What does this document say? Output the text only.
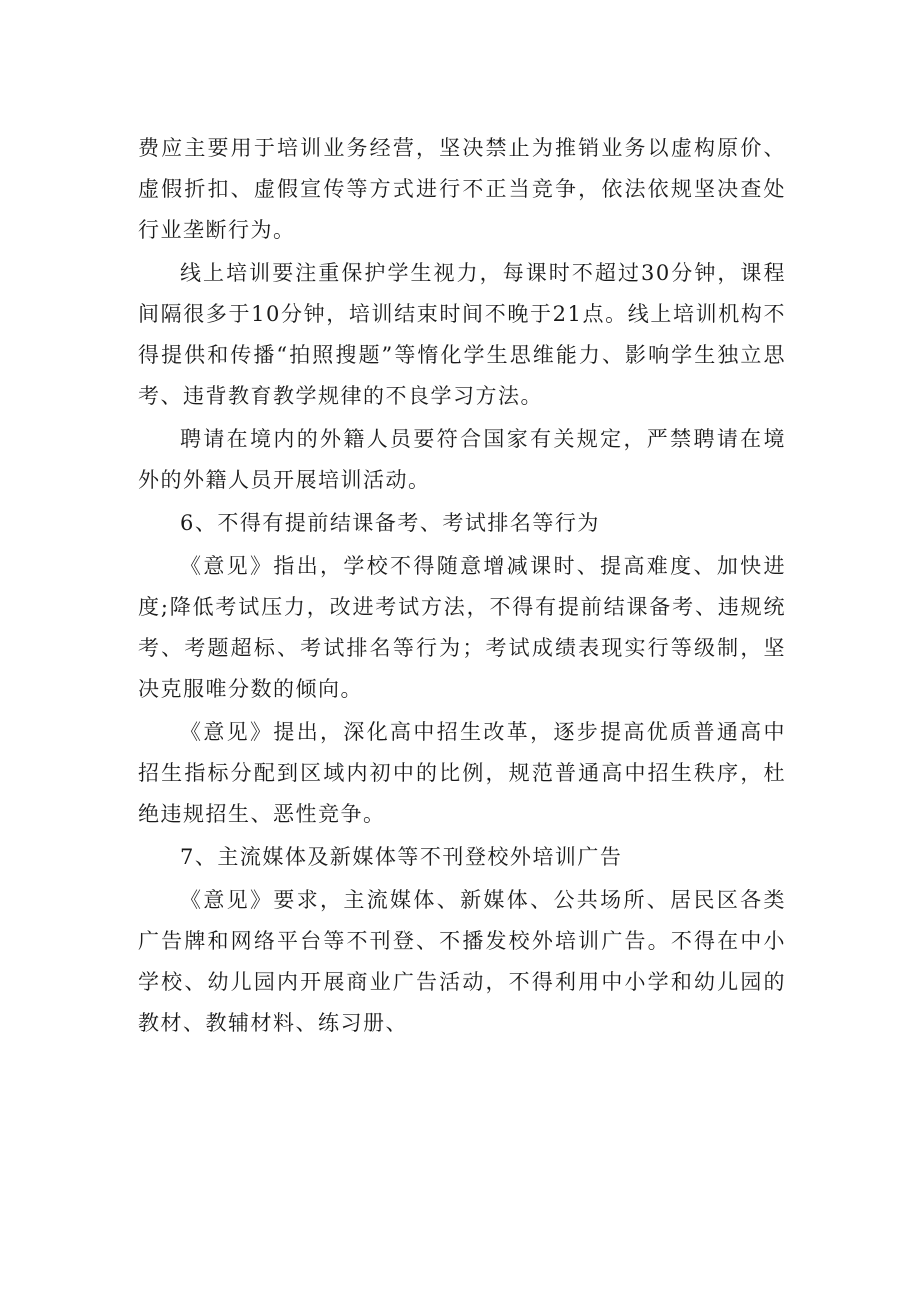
费应主要用于培训业务经营，坚决禁止为推销业务以虚构原价、虚假折扣、虚假宣传等方式进行不正当竞争，依法依规坚决查处行业垄断行为。

线上培训要注重保护学生视力，每课时不超过30分钟，课程间隔很多于10分钟，培训结束时间不晚于21点。线上培训机构不得提供和传播“拍照搜题”等惰化学生思维能力、影响学生独立思考、违背教育教学规律的不良学习方法。

聘请在境内的外籍人员要符合国家有关规定，严禁聘请在境外的外籍人员开展培训活动。

6、不得有提前结课备考、考试排名等行为

《意见》指出，学校不得随意增减课时、提高难度、加快进度;降低考试压力，改进考试方法，不得有提前结课备考、违规统考、考题超标、考试排名等行为；考试成绩表现实行等级制，坚决克服唯分数的倾向。

《意见》提出，深化高中招生改革，逐步提高优质普通高中招生指标分配到区域内初中的比例，规范普通高中招生秩序，杜绝违规招生、恶性竞争。

7、主流媒体及新媒体等不刊登校外培训广告

《意见》要求，主流媒体、新媒体、公共场所、居民区各类广告牌和网络平台等不刊登、不播发校外培训广告。不得在中小学校、幼儿园内开展商业广告活动，不得利用中小学和幼儿园的教材、教辅材料、练习册、
